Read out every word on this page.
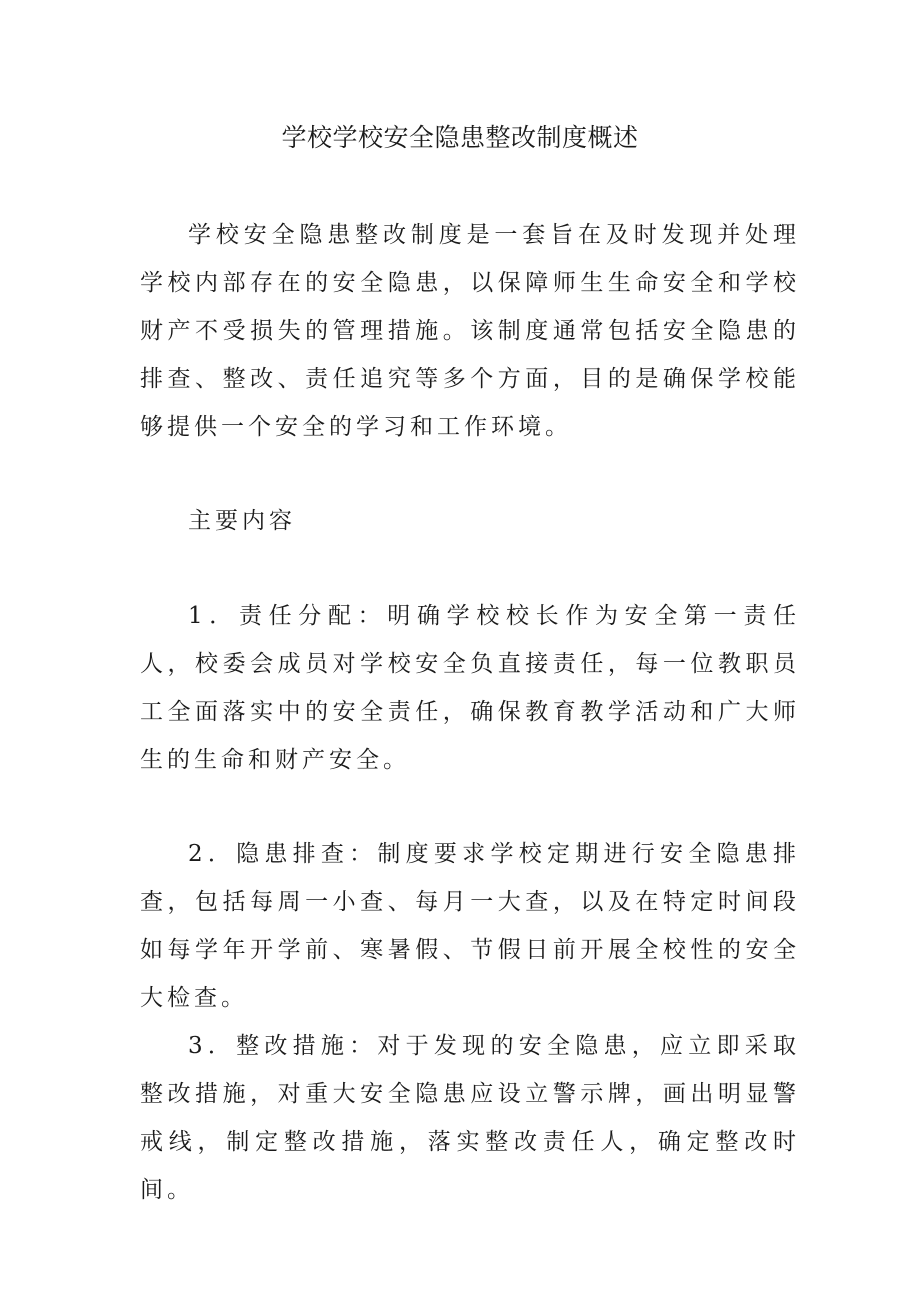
学校学校安全隐患整改制度概述

学校安全隐患整改制度是一套旨在及时发现并处理学校内部存在的安全隐患，以保障师生生命安全和学校财产不受损失的管理措施。该制度通常包括安全隐患的排查、整改、责任追究等多个方面，目的是确保学校能够提供一个安全的学习和工作环境。

主要内容

1．责任分配：明确学校校长作为安全第一责任人，校委会成员对学校安全负直接责任，每一位教职员工全面落实中的安全责任，确保教育教学活动和广大师生的生命和财产安全。

2．隐患排查：制度要求学校定期进行安全隐患排查，包括每周一小查、每月一大查，以及在特定时间段如每学年开学前、寒暑假、节假日前开展全校性的安全大检查。

3．整改措施：对于发现的安全隐患，应立即采取整改措施，对重大安全隐患应设立警示牌，画出明显警戒线，制定整改措施，落实整改责任人，确定整改时间。
